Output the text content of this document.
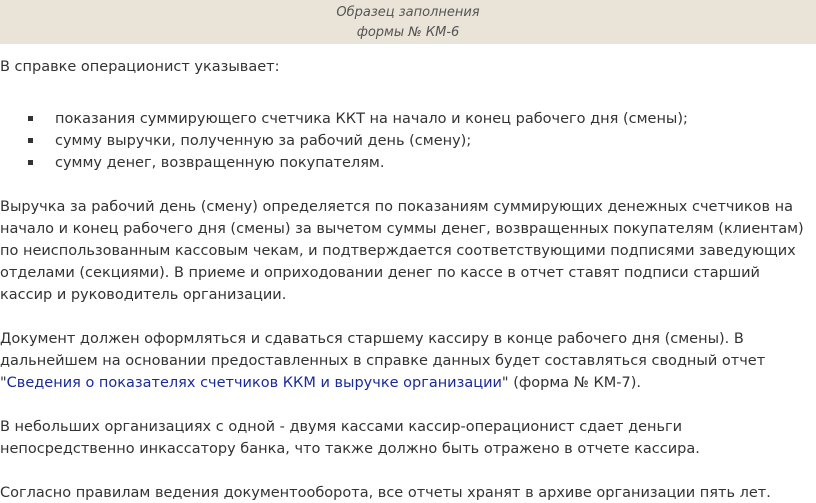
Образец заполнения
формы № КМ-6

В справке операционист указывает:

показания суммирующего счетчика ККТ на начало и конец рабочего дня (смены);
сумму выручки, полученную за рабочий день (смену);
сумму денег, возвращенную покупателям.

Выручка за рабочий день (смену) определяется по показаниям суммирующих денежных счетчиков на начало и конец рабочего дня (смены) за вычетом суммы денег, возвращенных покупателям (клиентам) по неиспользованным кассовым чекам, и подтверждается соответствующими подписями заведующих отделами (секциями). В приеме и оприходовании денег по кассе в отчет ставят подписи старший кассир и руководитель организации.

Документ должен оформляться и сдаваться старшему кассиру в конце рабочего дня (смены). В дальнейшем на основании предоставленных в справке данных будет составляться сводный отчет "Сведения о показателях счетчиков ККМ и выручке организации" (форма № КМ-7).

В небольших организациях с одной - двумя кассами кассир-операционист сдает деньги непосредственно инкассатору банка, что также должно быть отражено в отчете кассира.

Согласно правилам ведения документооборота, все отчеты хранят в архиве организации пять лет.
